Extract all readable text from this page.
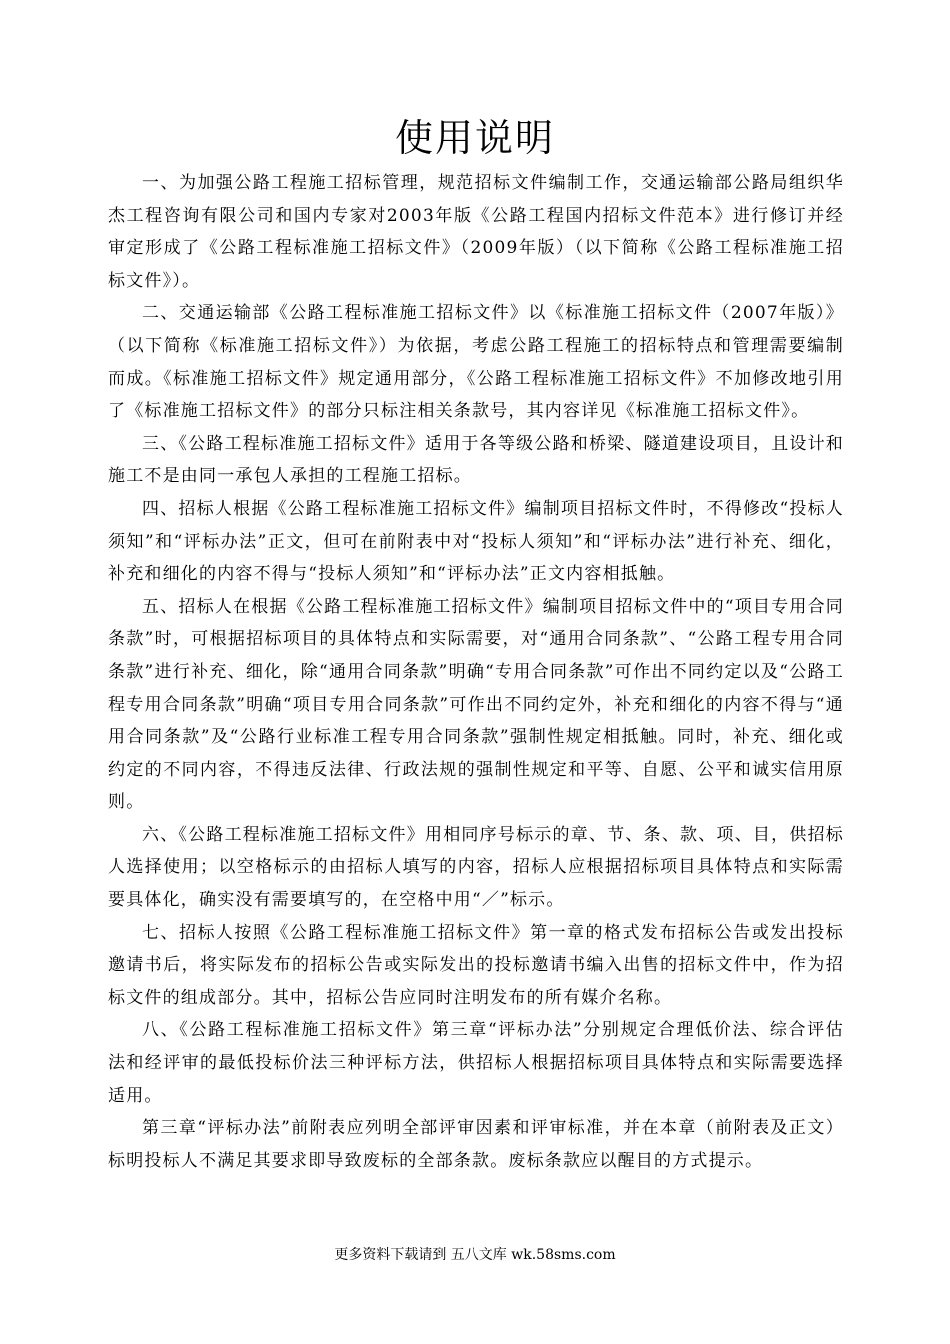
使用说明

一、为加强公路工程施工招标管理，规范招标文件编制工作，交通运输部公路局组织华杰工程咨询有限公司和国内专家对2003年版《公路工程国内招标文件范本》进行修订并经审定形成了《公路工程标准施工招标文件》（2009年版）（以下简称《公路工程标准施工招标文件》）。

二、交通运输部《公路工程标准施工招标文件》以《标准施工招标文件（2007年版）》（以下简称《标准施工招标文件》）为依据，考虑公路工程施工的招标特点和管理需要编制而成。《标准施工招标文件》规定通用部分，《公路工程标准施工招标文件》不加修改地引用了《标准施工招标文件》的部分只标注相关条款号，其内容详见《标准施工招标文件》。

三、《公路工程标准施工招标文件》适用于各等级公路和桥梁、隧道建设项目，且设计和施工不是由同一承包人承担的工程施工招标。

四、招标人根据《公路工程标准施工招标文件》编制项目招标文件时，不得修改“投标人须知”和“评标办法”正文，但可在前附表中对“投标人须知”和“评标办法”进行补充、细化，补充和细化的内容不得与“投标人须知”和“评标办法”正文内容相抵触。

五、招标人在根据《公路工程标准施工招标文件》编制项目招标文件中的“项目专用合同条款”时，可根据招标项目的具体特点和实际需要，对“通用合同条款”、“公路工程专用合同条款”进行补充、细化，除“通用合同条款”明确“专用合同条款”可作出不同约定以及“公路工程专用合同条款”明确“项目专用合同条款”可作出不同约定外，补充和细化的内容不得与“通用合同条款”及“公路行业标准工程专用合同条款”强制性规定相抵触。同时，补充、细化或约定的不同内容，不得违反法律、行政法规的强制性规定和平等、自愿、公平和诚实信用原则。

六、《公路工程标准施工招标文件》用相同序号标示的章、节、条、款、项、目，供招标人选择使用；以空格标示的由招标人填写的内容，招标人应根据招标项目具体特点和实际需要具体化，确实没有需要填写的，在空格中用“／”标示。

七、招标人按照《公路工程标准施工招标文件》第一章的格式发布招标公告或发出投标邀请书后，将实际发布的招标公告或实际发出的投标邀请书编入出售的招标文件中，作为招标文件的组成部分。其中，招标公告应同时注明发布的所有媒介名称。

八、《公路工程标准施工招标文件》第三章“评标办法”分别规定合理低价法、综合评估法和经评审的最低投标价法三种评标方法，供招标人根据招标项目具体特点和实际需要选择适用。

第三章“评标办法”前附表应列明全部评审因素和评审标准，并在本章（前附表及正文）标明投标人不满足其要求即导致废标的全部条款。废标条款应以醒目的方式提示。

更多资料下载请到 五八文库 wk.58sms.com
